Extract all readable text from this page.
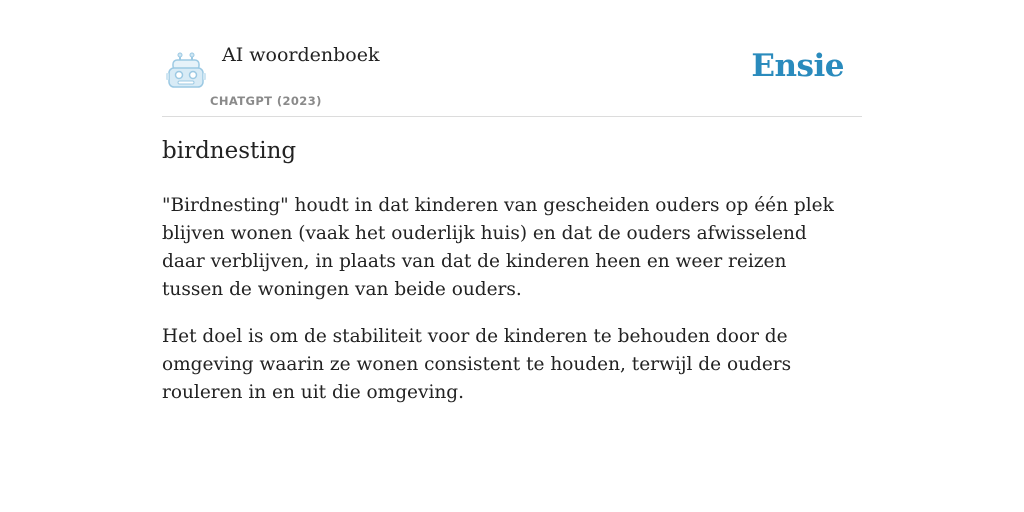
AI woordenboek
CHATGPT (2023)
Ensie
birdnesting

"Birdnesting" houdt in dat kinderen van gescheiden ouders op één plek blijven wonen (vaak het ouderlijk huis) en dat de ouders afwisselend daar verblijven, in plaats van dat de kinderen heen en weer reizen tussen de woningen van beide ouders.

Het doel is om de stabiliteit voor de kinderen te behouden door de omgeving waarin ze wonen consistent te houden, terwijl de ouders rouleren in en uit die omgeving.
